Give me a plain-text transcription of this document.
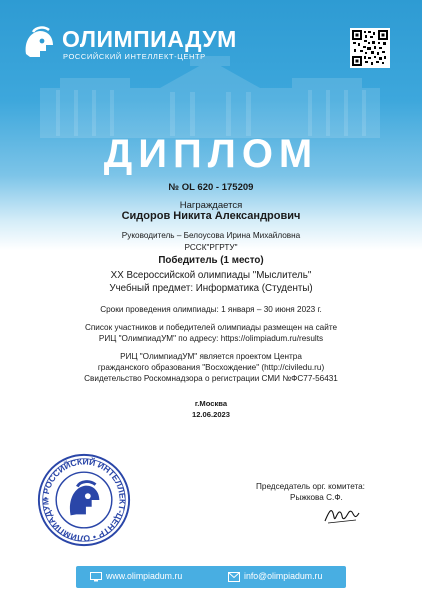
ОЛИМПИАДУМ
РОССИЙСКИЙ ИНТЕЛЛЕКТ-ЦЕНТР
ДИПЛОМ
№ OL 620 - 175209
Награждается
Сидоров Никита Александрович
Руководитель – Белоусова Ирина Михайловна
РССК"РГРТУ"
Победитель (1 место)
XX Всероссийской олимпиады "Мыслитель"
Учебный предмет: Информатика (Студенты)
Сроки проведения олимпиады: 1 января – 30 июня 2023 г.
Список участников и победителей олимпиады размещен на сайте
РИЦ "ОлимпиадУМ" по адресу: https://olimpiadum.ru/results
РИЦ "ОлимпиадУМ" является проектом Центра
гражданского образования "Восхождение" (http://civiledu.ru)
Свидетельство Роскомнадзора о регистрации СМИ №ФС77-56431
г.Москва
12.06.2023
• РОССИЙСКИЙ ИНТЕЛЛЕКТ-ЦЕНТР • ОЛИМПИАДУМ
Председатель орг. комитета:
Рыжкова С.Ф.
www.olimpiadum.ru	info@olimpiadum.ru
